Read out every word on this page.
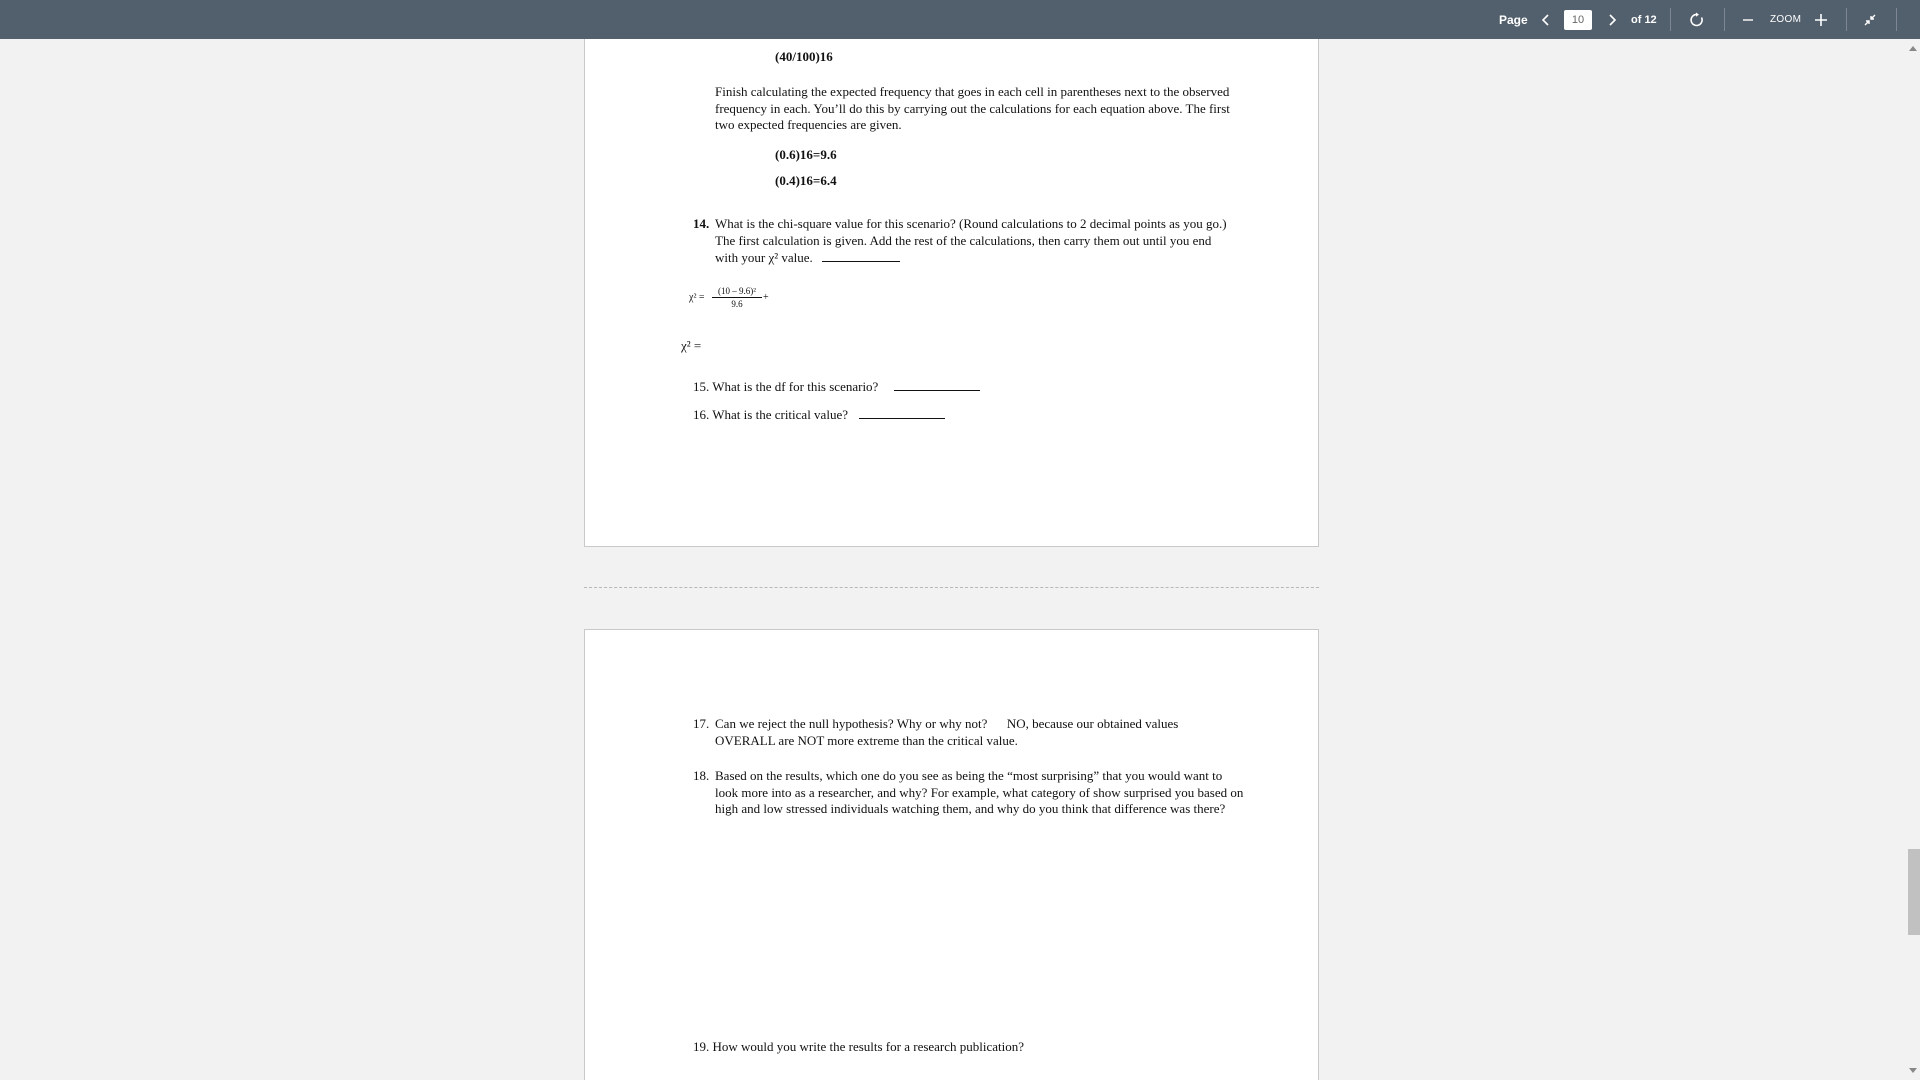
Page
10	of 12	ZOOM
(40/100)16
Finish calculating the expected frequency that goes in each cell in parentheses next to the observed frequency in each. You’ll do this by carrying out the calculations for each equation above. The first two expected frequencies are given.
(0.6)16=9.6
(0.4)16=6.4
14. What is the chi-square value for this scenario? (Round calculations to 2 decimal points as you go.) The first calculation is given. Add the rest of the calculations, then carry them out until you end with your χ² value.
χ² =
(10 – 9.6)²
9.6
+
χ² =
15. What is the df for this scenario?
16. What is the critical value?
17. Can we reject the null hypothesis? Why or why not?      NO, because our obtained values OVERALL are NOT more extreme than the critical value.
18. Based on the results, which one do you see as being the “most surprising” that you would want to look more into as a researcher, and why? For example, what category of show surprised you based on high and low stressed individuals watching them, and why do you think that difference was there?
19. How would you write the results for a research publication?
